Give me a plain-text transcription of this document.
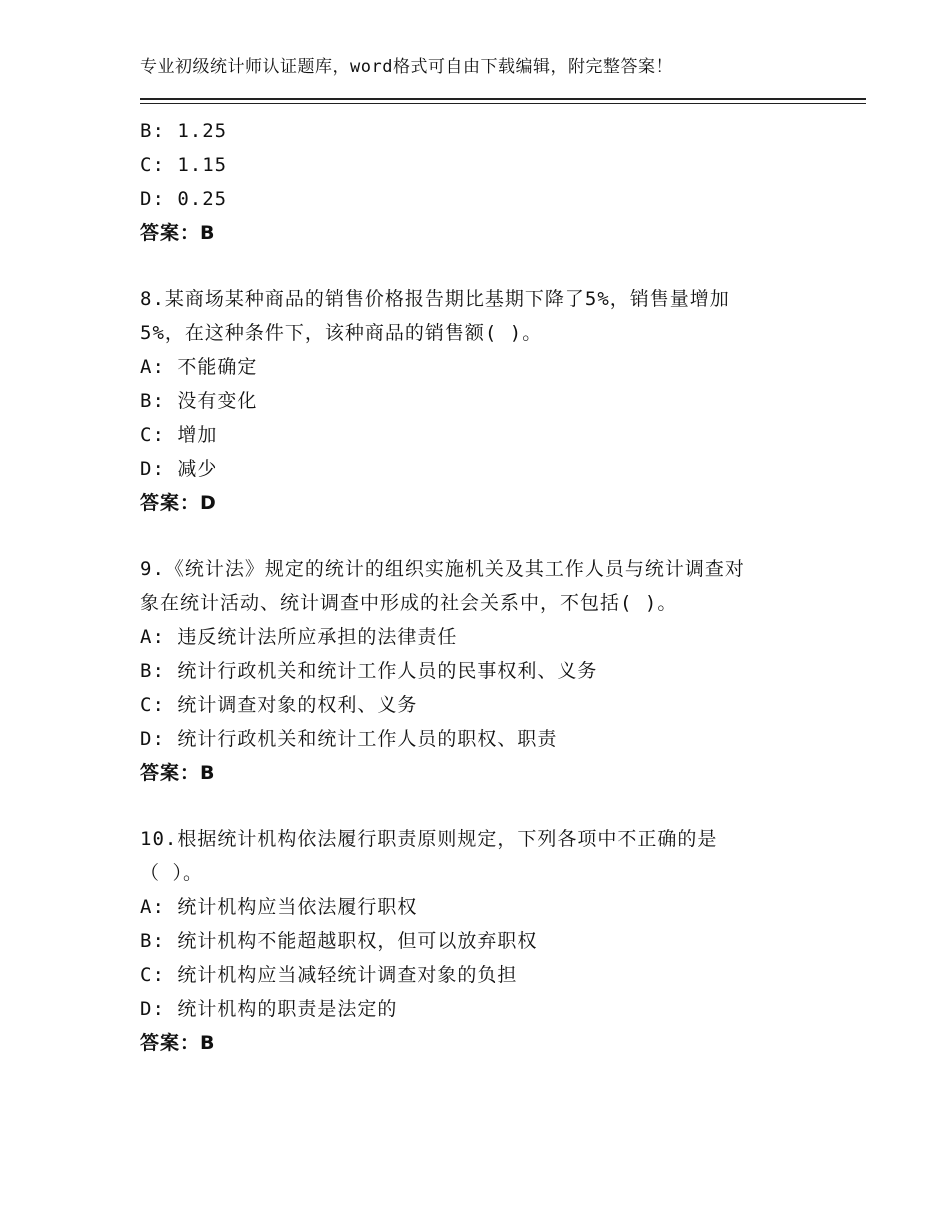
专业初级统计师认证题库，word格式可自由下载编辑，附完整答案！
B: 1.25
C: 1.15
D: 0.25
答案：B
8.某商场某种商品的销售价格报告期比基期下降了5%，销售量增加
5%，在这种条件下，该种商品的销售额( )。
A: 不能确定
B: 没有变化
C: 增加
D: 减少
答案：D
9.《统计法》规定的统计的组织实施机关及其工作人员与统计调查对
象在统计活动、统计调查中形成的社会关系中，不包括( )。
A: 违反统计法所应承担的法律责任
B: 统计行政机关和统计工作人员的民事权利、义务
C: 统计调查对象的权利、义务
D: 统计行政机关和统计工作人员的职权、职责
答案：B
10.根据统计机构依法履行职责原则规定，下列各项中不正确的是
（ ）。
A: 统计机构应当依法履行职权
B: 统计机构不能超越职权，但可以放弃职权
C: 统计机构应当减轻统计调查对象的负担
D: 统计机构的职责是法定的
答案：B
